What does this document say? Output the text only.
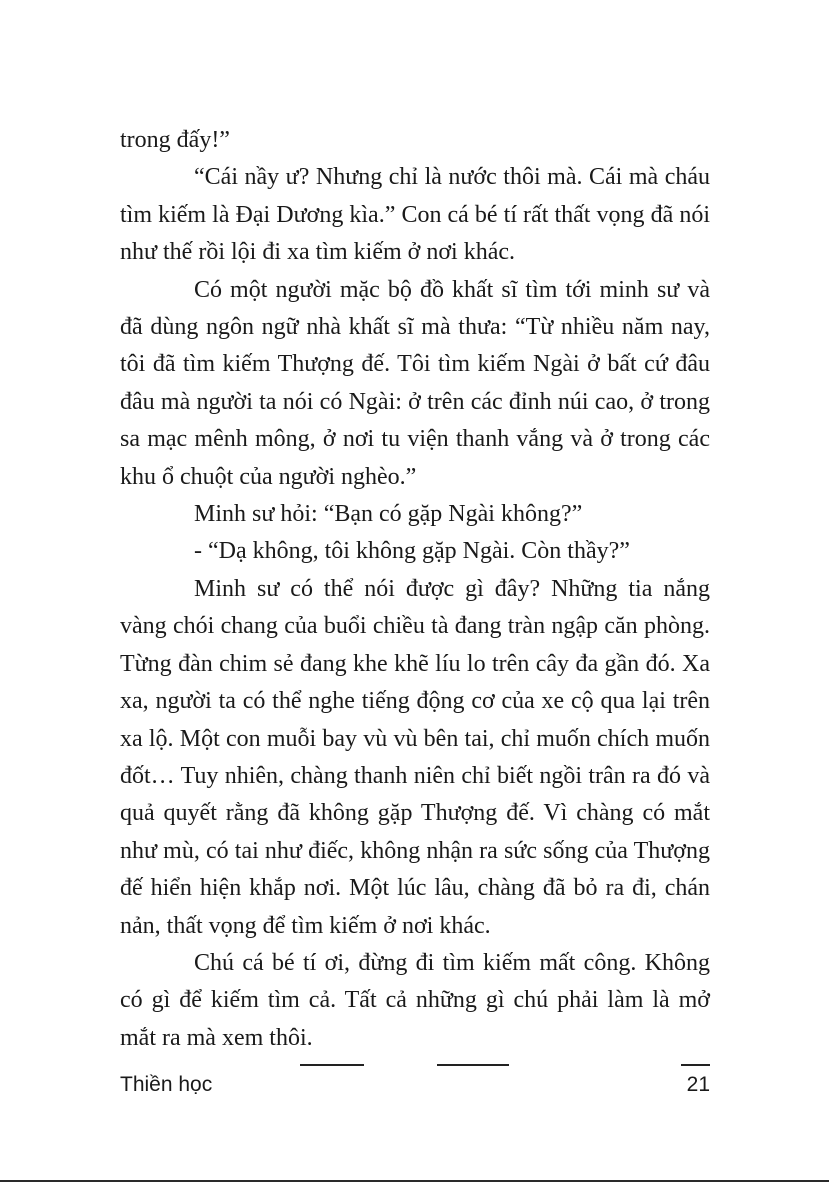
trong đấy!”

“Cái nầy ư? Nhưng chỉ là nước thôi mà. Cái mà cháu tìm kiếm là Đại Dương kìa.” Con cá bé tí rất thất vọng đã nói như thế rồi lội đi xa tìm kiếm ở nơi khác.

Có một người mặc bộ đồ khất sĩ tìm tới minh sư và đã dùng ngôn ngữ nhà khất sĩ mà thưa: “Từ nhiều năm nay, tôi đã tìm kiếm Thượng đế. Tôi tìm kiếm Ngài ở bất cứ đâu đâu mà người ta nói có Ngài: ở trên các đỉnh núi cao, ở trong sa mạc mênh mông, ở nơi tu viện thanh vắng và ở trong các khu ổ chuột của người nghèo.”

Minh sư hỏi: “Bạn có gặp Ngài không?”

- “Dạ không, tôi không gặp Ngài. Còn thầy?”

Minh sư có thể nói được gì đây? Những tia nắng vàng chói chang của buổi chiều tà đang tràn ngập căn phòng. Từng đàn chim sẻ đang khe khẽ líu lo trên cây đa gần đó. Xa xa, người ta có thể nghe tiếng động cơ của xe cộ qua lại trên xa lộ. Một con muỗi bay vù vù bên tai, chỉ muốn chích muốn đốt… Tuy nhiên, chàng thanh niên chỉ biết ngồi trân ra đó và quả quyết rằng đã không gặp Thượng đế. Vì chàng có mắt như mù, có tai như điếc, không nhận ra sức sống của Thượng đế hiển hiện khắp nơi. Một lúc lâu, chàng đã bỏ ra đi, chán nản, thất vọng để tìm kiếm ở nơi khác.

Chú cá bé tí ơi, đừng đi tìm kiếm mất công. Không có gì để kiếm tìm cả. Tất cả những gì chú phải làm là mở mắt ra mà xem thôi.

Thiền học	21
